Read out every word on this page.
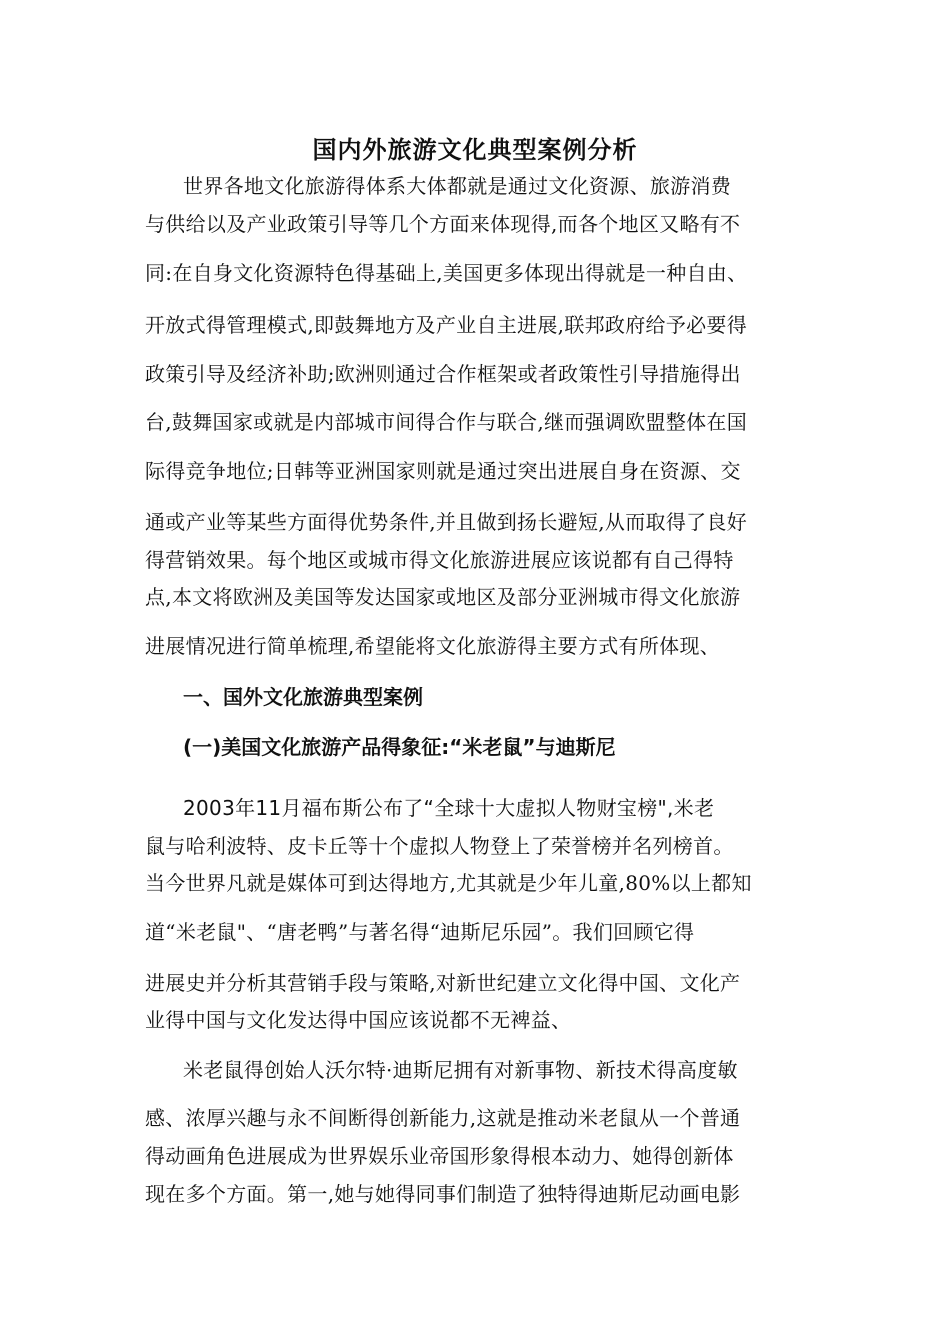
国内外旅游文化典型案例分析
世界各地文化旅游得体系大体都就是通过文化资源、旅游消费
与供给以及产业政策引导等几个方面来体现得,而各个地区又略有不
同:在自身文化资源特色得基础上,美国更多体现出得就是一种自由、
开放式得管理模式,即鼓舞地方及产业自主进展,联邦政府给予必要得
政策引导及经济补助;欧洲则通过合作框架或者政策性引导措施得出
台,鼓舞国家或就是内部城市间得合作与联合,继而强调欧盟整体在国
际得竞争地位;日韩等亚洲国家则就是通过突出进展自身在资源、交
通或产业等某些方面得优势条件,并且做到扬长避短,从而取得了良好
得营销效果。每个地区或城市得文化旅游进展应该说都有自己得特
点,本文将欧洲及美国等发达国家或地区及部分亚洲城市得文化旅游
进展情况进行简单梳理,希望能将文化旅游得主要方式有所体现、
一、国外文化旅游典型案例
(一)美国文化旅游产品得象征:“米老鼠”与迪斯尼
2003年11月福布斯公布了“全球十大虚拟人物财宝榜",米老
鼠与哈利波特、皮卡丘等十个虚拟人物登上了荣誉榜并名列榜首。
当今世界凡就是媒体可到达得地方,尤其就是少年儿童,80%以上都知
道“米老鼠"、“唐老鸭”与著名得“迪斯尼乐园”。我们回顾它得
进展史并分析其营销手段与策略,对新世纪建立文化得中国、文化产
业得中国与文化发达得中国应该说都不无裨益、
米老鼠得创始人沃尔特·迪斯尼拥有对新事物、新技术得高度敏
感、浓厚兴趣与永不间断得创新能力,这就是推动米老鼠从一个普通
得动画角色进展成为世界娱乐业帝国形象得根本动力、她得创新体
现在多个方面。第一,她与她得同事们制造了独特得迪斯尼动画电影
